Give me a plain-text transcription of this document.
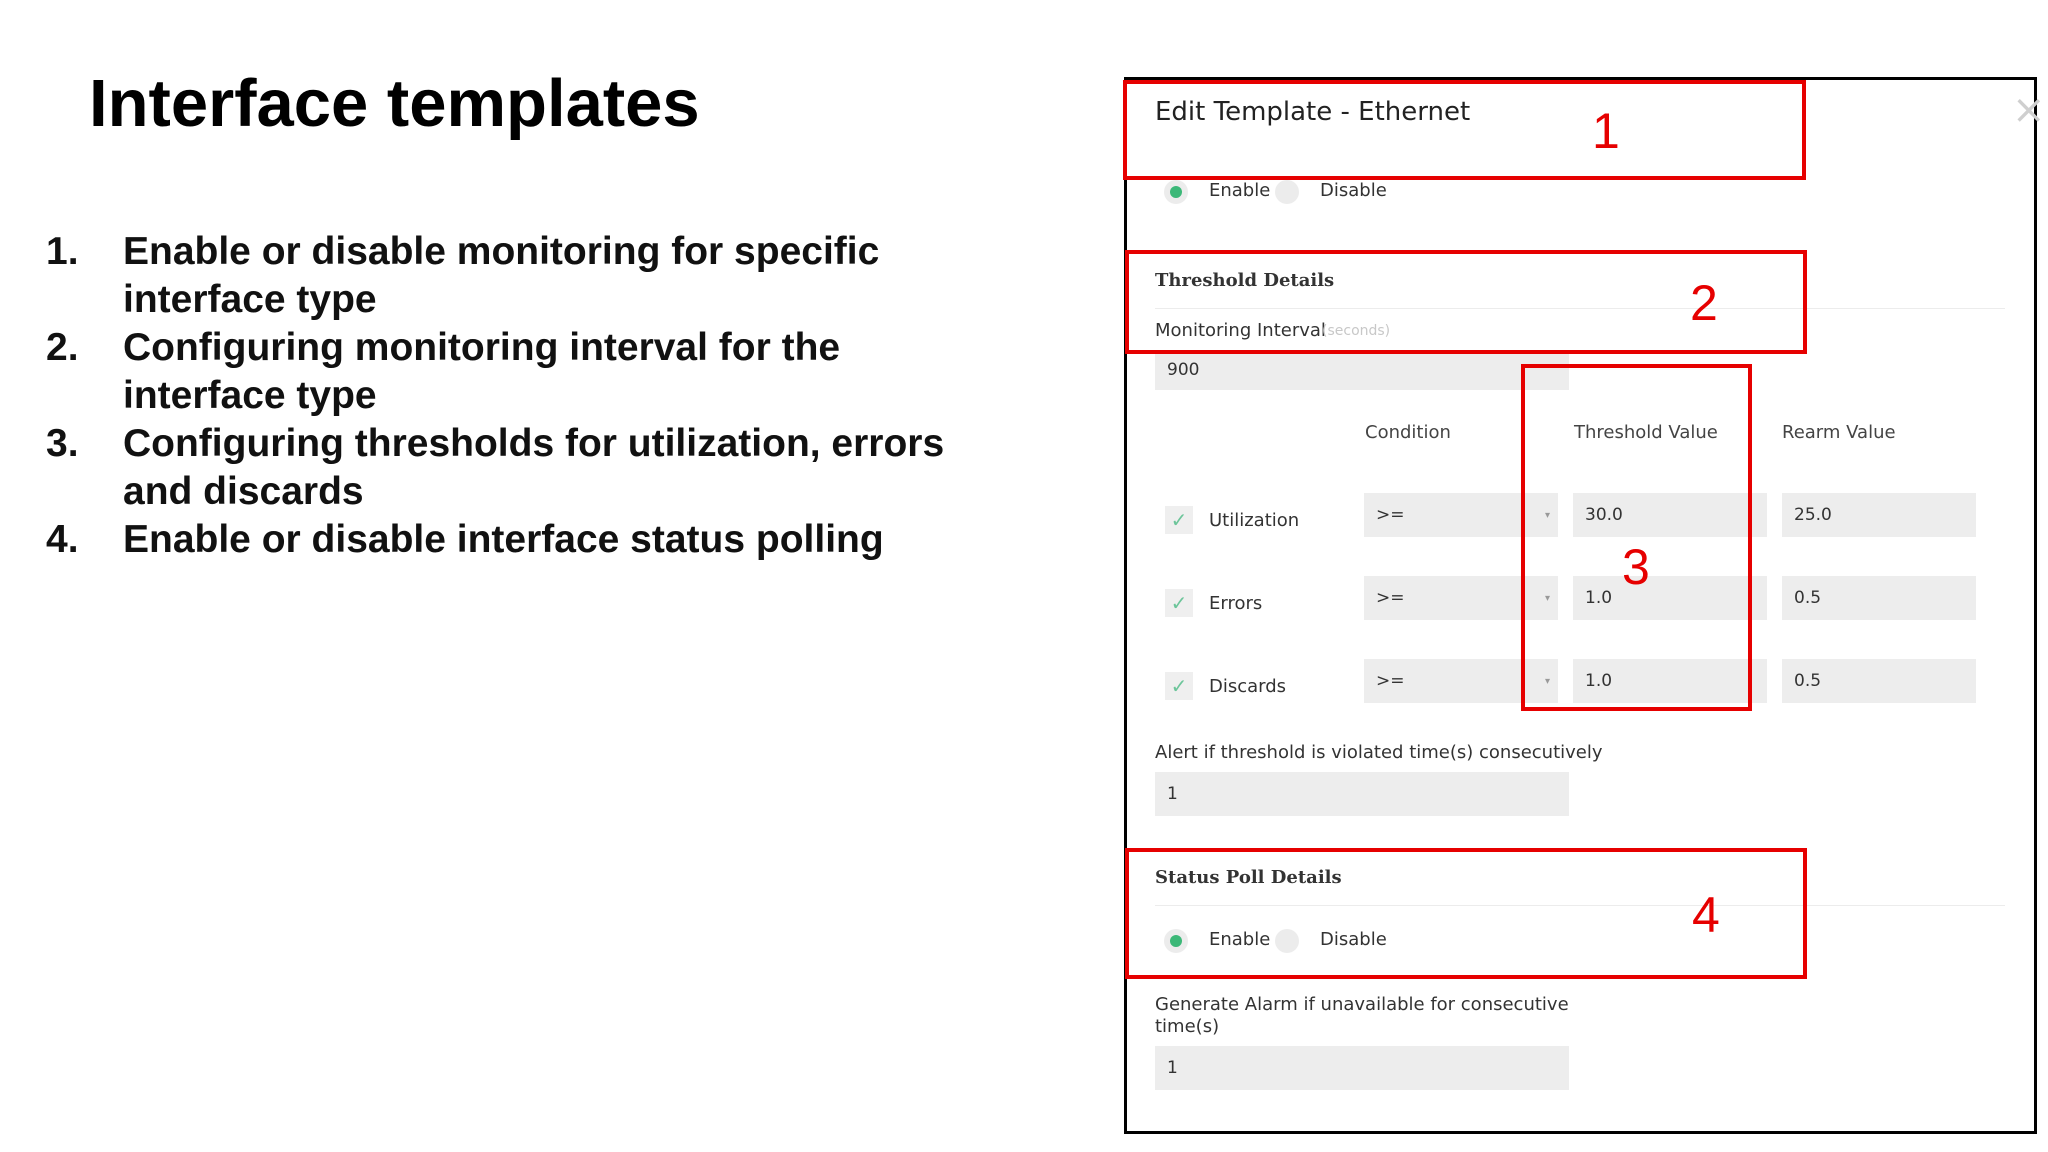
Interface templates
1. Enable or disable monitoring for specific
interface type
2. Configuring monitoring interval for the
interface type
3. Configuring thresholds for utilization, errors
and discards
4. Enable or disable interface status polling
Edit Template - Ethernet	×
Enable	Disable
Threshold Details
Monitoring Interval
(seconds)
900
Condition	Threshold Value	Rearm Value
✓ Utilization	>=	▾	30.0	25.0
✓ Errors	>=	▾	1.0	0.5
✓ Discards	>=	▾	1.0	0.5
Alert if threshold is violated time(s) consecutively
1
Status Poll Details
Enable	Disable
Generate Alarm if unavailable for consecutive
time(s)
1
1
2
3
4
